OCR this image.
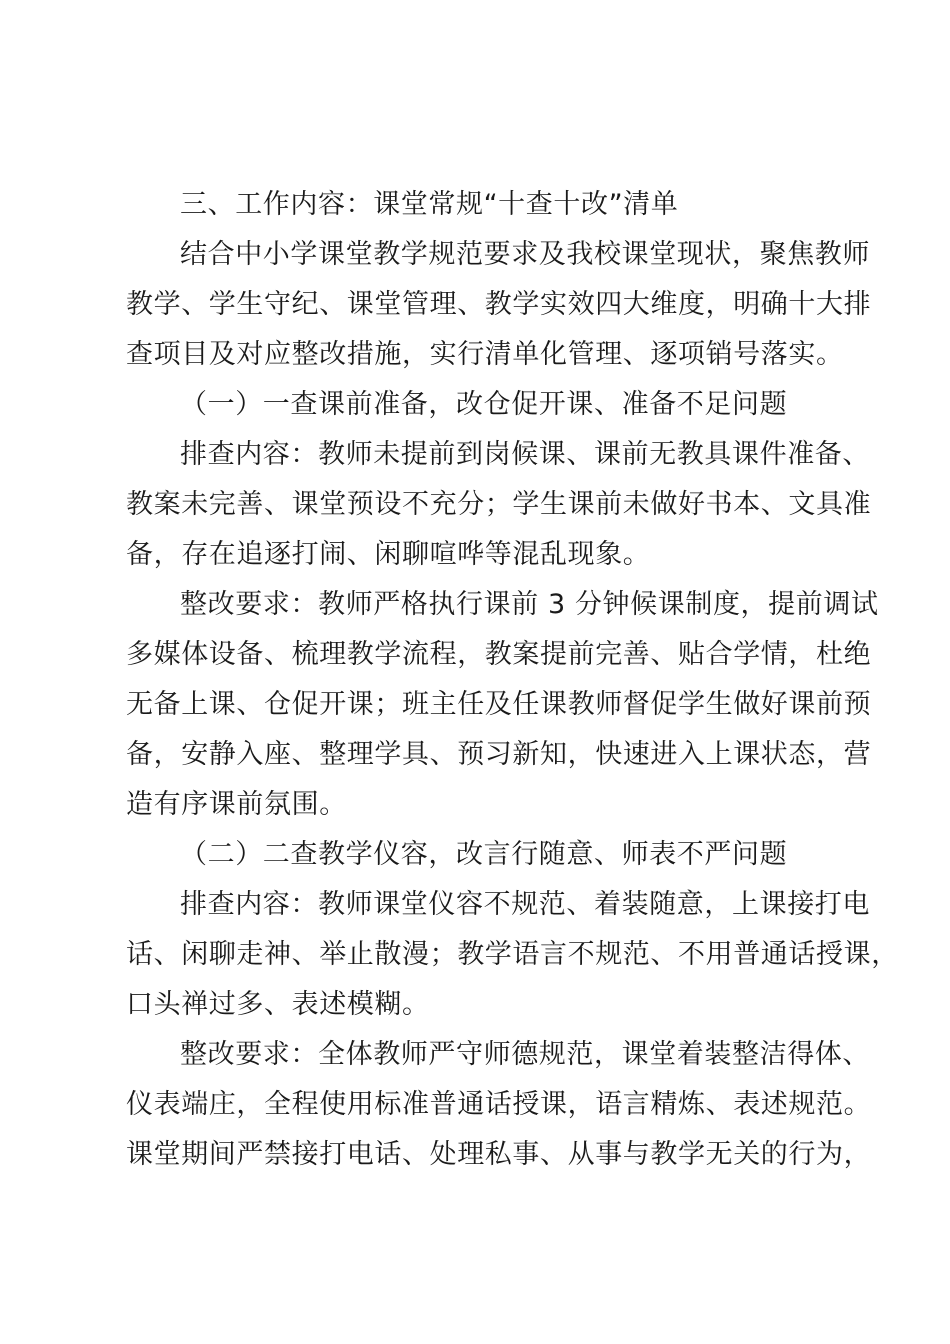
三、工作内容：课堂常规“十查十改”清单

结合中小学课堂教学规范要求及我校课堂现状，聚焦教师
教学、学生守纪、课堂管理、教学实效四大维度，明确十大排
查项目及对应整改措施，实行清单化管理、逐项销号落实。

（一）一查课前准备，改仓促开课、准备不足问题

排查内容：教师未提前到岗候课、课前无教具课件准备、
教案未完善、课堂预设不充分；学生课前未做好书本、文具准
备，存在追逐打闹、闲聊喧哗等混乱现象。

整改要求：教师严格执行课前 3 分钟候课制度，提前调试
多媒体设备、梳理教学流程，教案提前完善、贴合学情，杜绝
无备上课、仓促开课；班主任及任课教师督促学生做好课前预
备，安静入座、整理学具、预习新知，快速进入上课状态，营
造有序课前氛围。

（二）二查教学仪容，改言行随意、师表不严问题

排查内容：教师课堂仪容不规范、着装随意，上课接打电
话、闲聊走神、举止散漫；教学语言不规范、不用普通话授课，
口头禅过多、表述模糊。

整改要求：全体教师严守师德规范，课堂着装整洁得体、
仪表端庄，全程使用标准普通话授课，语言精炼、表述规范。
课堂期间严禁接打电话、处理私事、从事与教学无关的行为，
